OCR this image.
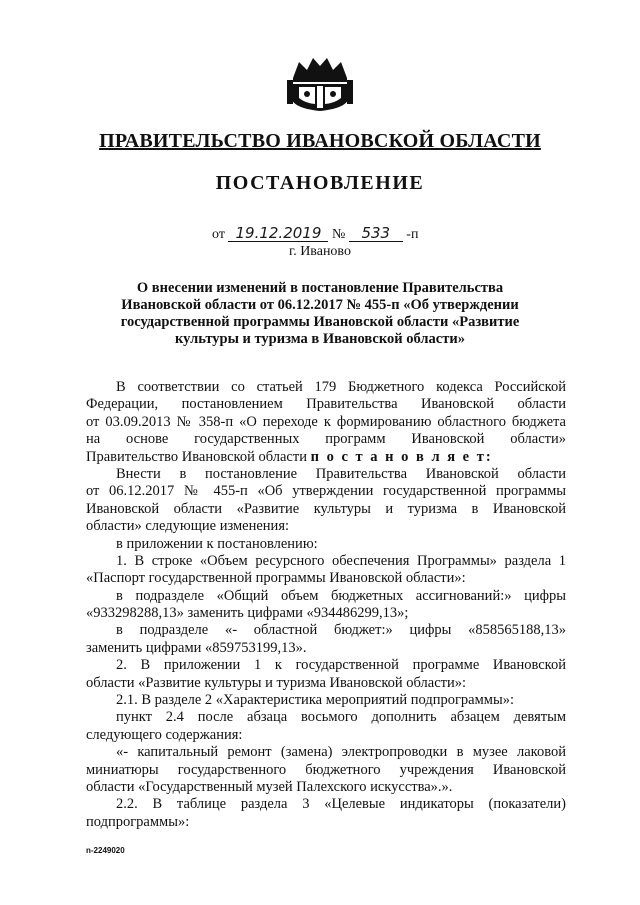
ПРАВИТЕЛЬСТВО ИВАНОВСКОЙ ОБЛАСТИ
ПОСТАНОВЛЕНИЕ
от 19.12.2019 № 533 -п
г. Иваново
О внесении изменений в постановление Правительства
Ивановской области от 06.12.2017 № 455-п «Об утверждении
государственной программы Ивановской области «Развитие
культуры и туризма в Ивановской области»
В соответствии со статьей 179 Бюджетного кодекса Российской
Федерации, постановлением Правительства Ивановской области
от 03.09.2013 № 358-п «О переходе к формированию областного бюджета
на основе государственных программ Ивановской области»
Правительство Ивановской области п о с т а н о в л я е т:
Внести в постановление Правительства Ивановской области
от 06.12.2017 № 455-п «Об утверждении государственной программы
Ивановской области «Развитие культуры и туризма в Ивановской
области» следующие изменения:
в приложении к постановлению:
1. В строке «Объем ресурсного обеспечения Программы» раздела 1
«Паспорт государственной программы Ивановской области»:
в подразделе «Общий объем бюджетных ассигнований:» цифры
«933298288,13» заменить цифрами «934486299,13»;
в подразделе «- областной бюджет:» цифры «858565188,13»
заменить цифрами «859753199,13».
2. В приложении 1 к государственной программе Ивановской
области «Развитие культуры и туризма Ивановской области»:
2.1. В разделе 2 «Характеристика мероприятий подпрограммы»:
пункт 2.4 после абзаца восьмого дополнить абзацем девятым
следующего содержания:
«- капитальный ремонт (замена) электропроводки в музее лаковой
миниатюры государственного бюджетного учреждения Ивановской
области «Государственный музей Палехского искусства».».
2.2. В таблице раздела 3 «Целевые индикаторы (показатели)
подпрограммы»:
n-2249020
